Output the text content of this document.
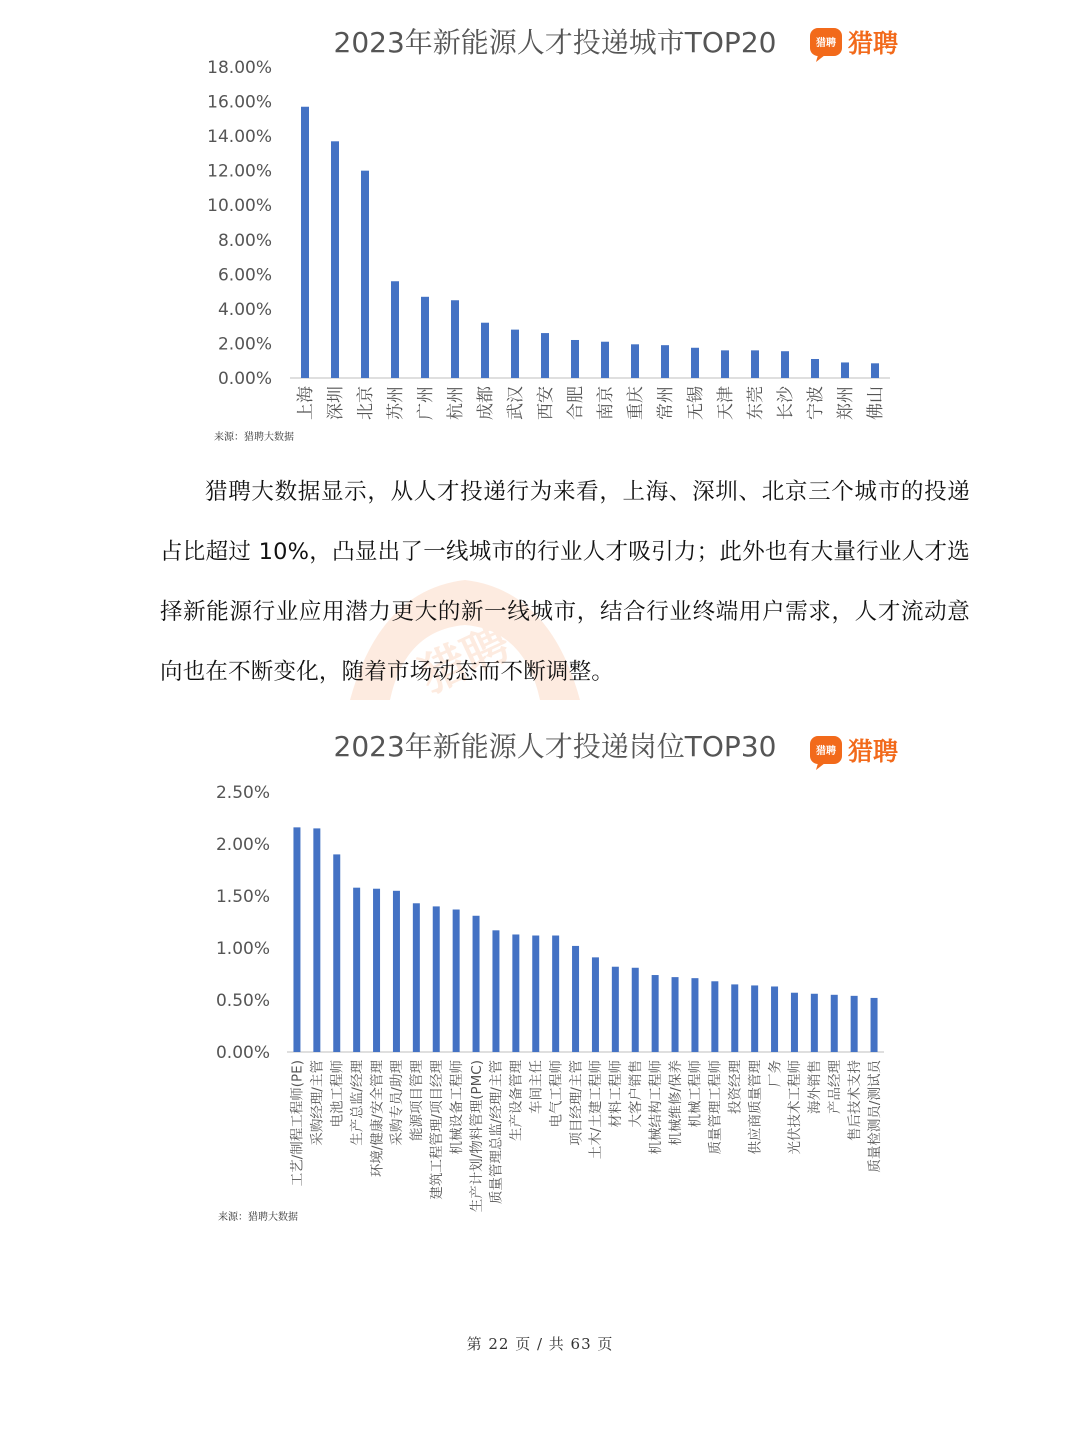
2023年新能源人才投递城市TOP20	猎聘 猎聘
18.00%
16.00%
14.00%
12.00%
10.00%
8.00%
6.00%
4.00%
2.00%
0.00%
上海 深圳 北京 苏州 广州 杭州 成都 武汉 西安 合肥 南京 重庆 常州 无锡 天津 东莞 长沙 宁波 郑州 佛山
来源：猎聘大数据
猎聘

猎聘大数据显示，从人才投递行为来看，上海、深圳、北京三个城市的投递占比超过 10%，凸显出了一线城市的行业人才吸引力；此外也有大量行业人才选择新能源行业应用潜力更大的新一线城市，结合行业终端用户需求，人才流动意向也在不断变化，随着市场动态而不断调整。

2023年新能源人才投递岗位TOP30	猎聘 猎聘
2.50%
2.00%
1.50%
1.00%
0.50%
0.00%
工艺/制程工程师(PE) 采购经理/主管 电池工程师 生产总监/经理 环境/健康/安全管理 采购专员/助理 能源项目管理 建筑工程管理/项目经理 机械设备工程师 生产计划/物料管理(PMC) 质量管理总监/经理/主管 生产设备管理 车间主任 电气工程师 项目经理/主管 土木/土建工程师 材料工程师 大客户销售 机械结构工程师 机械维修/保养 机械工程师 质量管理工程师 投资经理 供应商质量管理 厂务 光伏技术工程师 海外销售 产品经理 售后技术支持 质量检测员/测试员
来源：猎聘大数据
第 22 页 / 共 63 页
